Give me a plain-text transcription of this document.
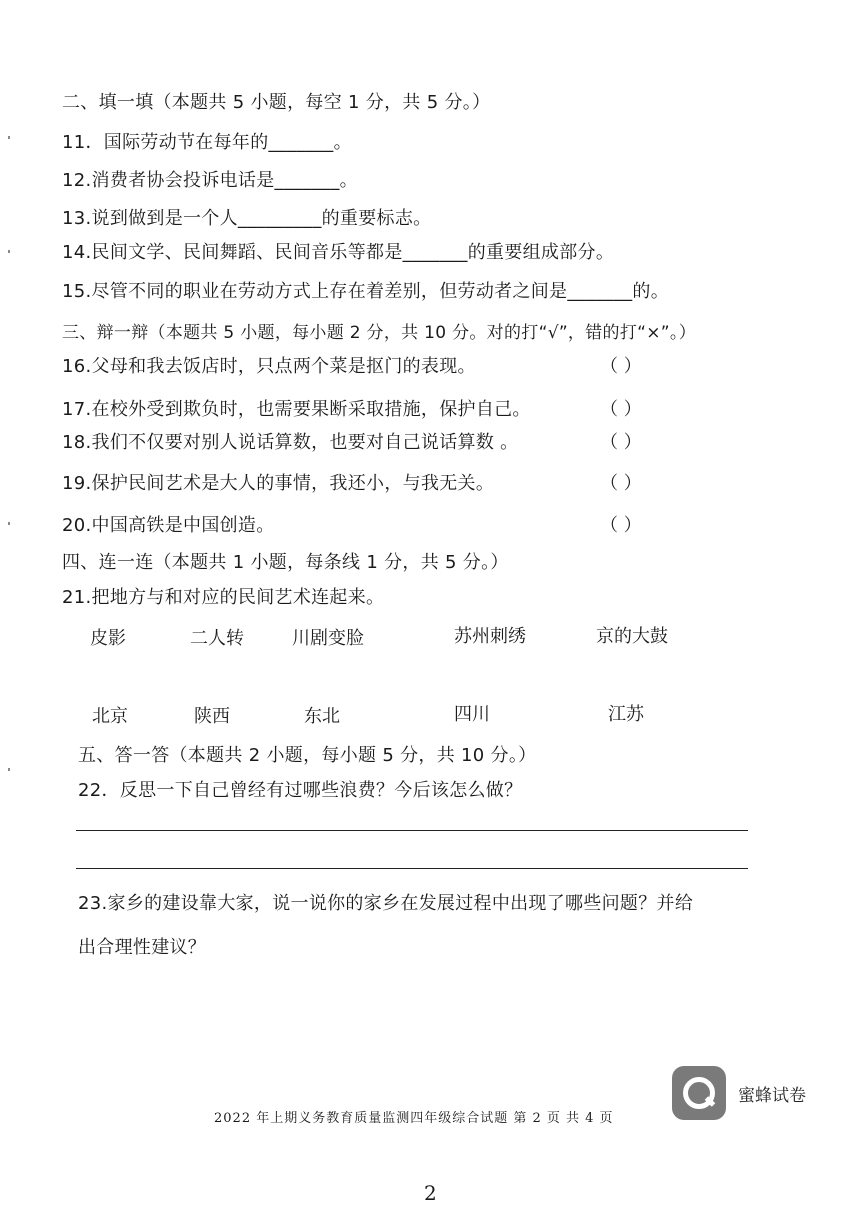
二、填一填（本题共 5 小题，每空 1 分，共 5 分。）
11．国际劳动节在每年的_______。
12.消费者协会投诉电话是_______。
13.说到做到是一个人_________的重要标志。
14.民间文学、民间舞蹈、民间音乐等都是_______的重要组成部分。
15.尽管不同的职业在劳动方式上存在着差别，但劳动者之间是_______的。
三、辩一辩（本题共 5 小题，每小题 2 分，共 10 分。对的打“√”，错的打“×”。）
16.父母和我去饭店时，只点两个菜是抠门的表现。	（ ）
17.在校外受到欺负时，也需要果断采取措施，保护自己。	（ ）
18.我们不仅要对别人说话算数，也要对自己说话算数 。	（ ）
19.保护民间艺术是大人的事情，我还小，与我无关。	（ ）
20.中国高铁是中国创造。	（ ）
四、连一连（本题共 1 小题，每条线 1 分，共 5 分。）
21.把地方与和对应的民间艺术连起来。
皮影	二人转	川剧变脸	苏州刺绣	京的大鼓
北京	陕西	东北	四川	江苏
五、答一答（本题共 2 小题，每小题 5 分，共 10 分。）
22．反思一下自己曾经有过哪些浪费？今后该怎么做？
23.家乡的建设靠大家，说一说你的家乡在发展过程中出现了哪些问题？并给
出合理性建议？
蜜蜂试卷
2022 年上期义务教育质量监测四年级综合试题 第 2 页 共 4 页
2
